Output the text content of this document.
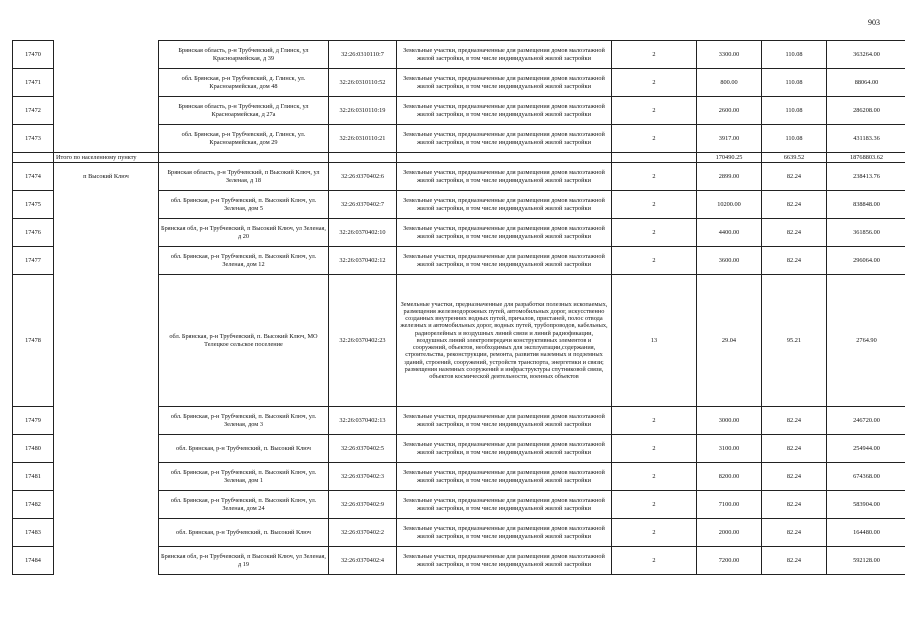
903
17470		Брянская область, р-н Трубчевский, д Глинск, ул Красноармейская, д 39	32:26:0310110:7	Земельные участки, предназначенные для размещения домов малоэтажной жилой застройки, в том числе индивидуальной жилой застройки	2	3300.00	110.08	363264.00
17471		обл. Брянская, р-н Трубчевский, д. Глинск, ул. Красноармейская, дом 48	32:26:0310110:52	Земельные участки, предназначенные для размещения домов малоэтажной жилой застройки, в том числе индивидуальной жилой застройки	2	800.00	110.08	88064.00
17472		Брянская область, р-н Трубчевский, д Глинск, ул Красноармейская, д 27а	32:26:0310110:19	Земельные участки, предназначенные для размещения домов малоэтажной жилой застройки, в том числе индивидуальной жилой застройки	2	2600.00	110.08	286208.00
17473		обл. Брянская, р-н Трубчевский, д. Глинск, ул. Красноармейская, дом 29	32:26:0310110:21	Земельные участки, предназначенные для размещения домов малоэтажной жилой застройки, в том числе индивидуальной жилой застройки	2	3917.00	110.08	431183.36
	Итого по населенному пункту					170490.25	6639.52	18768803.62
17474	п Высокий Ключ	Брянская область, р-н Трубчевский, п Высокий Ключ, ул Зеленая, д 18	32:26:0370402:6	Земельные участки, предназначенные для размещения домов малоэтажной жилой застройки, в том числе индивидуальной жилой застройки	2	2899.00	82.24	238413.76
17475		обл. Брянская, р-н Трубчевский, п. Высокий Ключ, ул. Зеленая, дом 5	32:26:0370402:7	Земельные участки, предназначенные для размещения домов малоэтажной жилой застройки, в том числе индивидуальной жилой застройки	2	10200.00	82.24	838848.00
17476		Брянская обл, р-н Трубчевский, п Высокий Ключ, ул Зеленая, д 20	32:26:0370402:10	Земельные участки, предназначенные для размещения домов малоэтажной жилой застройки, в том числе индивидуальной жилой застройки	2	4400.00	82.24	361856.00
17477		обл. Брянская, р-н Трубчевский, п. Высокий Ключ, ул. Зеленая, дом 12	32:26:0370402:12	Земельные участки, предназначенные для размещения домов малоэтажной жилой застройки, в том числе индивидуальной жилой застройки	2	3600.00	82.24	296064.00
17478		обл. Брянская, р-н Трубчевский, п. Высокий Ключ, МО Телецкое сельское поселение	32:26:0370402:23	Земельные участки, предназначенные для разработки полезных ископаемых, размещения железнодорожных путей, автомобильных дорог, искусственно созданных внутренних водных путей, причалов, пристаней, полос отвода железных и автомобильных дорог, водных путей, трубопроводов, кабельных, радиорелейных и воздушных линий связи и линий радиофикации, воздушных линий электропередачи конструктивных элементов и сооружений, объектов, необходимых для эксплуатации,содержания, строительства, реконструкции, ремонта, развития наземных и подземных зданий, строений, сооружений, устройств транспорта, энергетики и связи; размещения наземных сооружений и инфраструктуры спутниковой связи, объектов космической деятельности, военных объектов	13	29.04	95.21	2764.90
17479		обл. Брянская, р-н Трубчевский, п. Высокий Ключ, ул. Зеленая, дом 3	32:26:0370402:13	Земельные участки, предназначенные для размещения домов малоэтажной жилой застройки, в том числе индивидуальной жилой застройки	2	3000.00	82.24	246720.00
17480		обл. Брянская, р-н Трубчевский, п. Высокий Ключ	32:26:0370402:5	Земельные участки, предназначенные для размещения домов малоэтажной жилой застройки, в том числе индивидуальной жилой застройки	2	3100.00	82.24	254944.00
17481		обл. Брянская, р-н Трубчевский, п. Высокий Ключ, ул. Зеленая, дом 1	32:26:0370402:3	Земельные участки, предназначенные для размещения домов малоэтажной жилой застройки, в том числе индивидуальной жилой застройки	2	8200.00	82.24	674368.00
17482		обл. Брянская, р-н Трубчевский, п. Высокий Ключ, ул. Зеленая, дом 24	32:26:0370402:9	Земельные участки, предназначенные для размещения домов малоэтажной жилой застройки, в том числе индивидуальной жилой застройки	2	7100.00	82.24	583904.00
17483		обл. Брянская, р-н Трубчевский, п. Высокий Ключ	32:26:0370402:2	Земельные участки, предназначенные для размещения домов малоэтажной жилой застройки, в том числе индивидуальной жилой застройки	2	2000.00	82.24	164480.00
17484		Брянская обл, р-н Трубчевский, п Высокий Ключ, ул Зеленая, д 19	32:26:0370402:4	Земельные участки, предназначенные для размещения домов малоэтажной жилой застройки, в том числе индивидуальной жилой застройки	2	7200.00	82.24	592128.00
